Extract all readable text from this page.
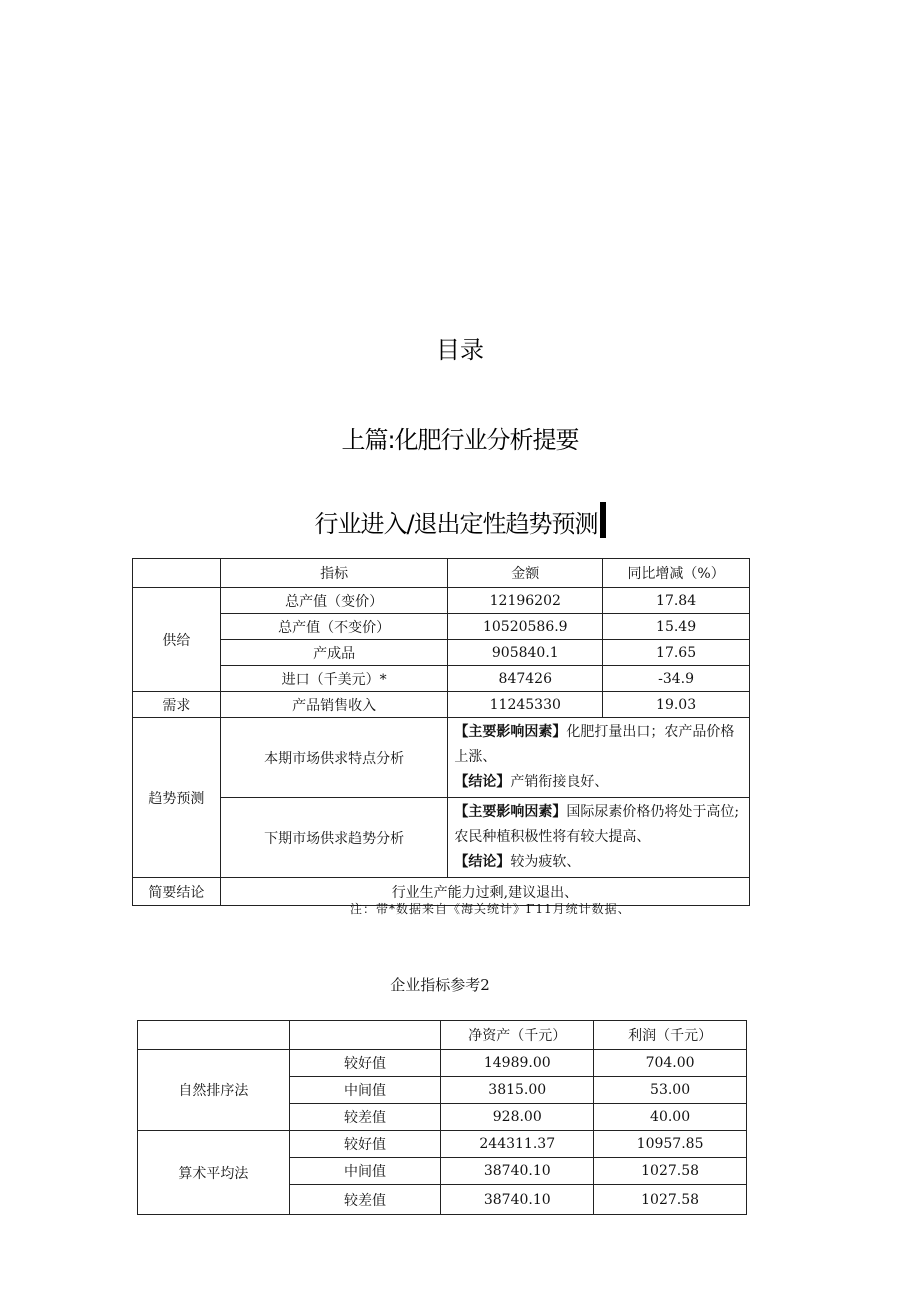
目录
上篇:化肥行业分析提要
行业进入/退出定性趋势预测
	指标	金额	同比增减（%）
供给	总产值（变价）	12196202	17.84
	总产值（不变价）	10520586.9	15.49
	产成品	905840.1	17.65
	进口（千美元）*	847426	-34.9
需求	产品销售收入	11245330	19.03
趋势预测	本期市场供求特点分析	【主要影响因素】化肥打量出口；农产品价格上涨、
【结论】产销衔接良好、	
	下期市场供求趋势分析	【主要影响因素】国际尿素价格仍将处于高位;农民种植积极性将有较大提高、
【结论】较为疲软、	
简要结论	行业生产能力过剩,建议退出、		
注：带*数据来自《海关统计》Γ11月统计数据、
企业指标参考2
		净资产（千元）	利润（千元）
自然排序法	较好值	14989.00	704.00
	中间值	3815.00	53.00
	较差值	928.00	40.00
算术平均法	较好值	244311.37	10957.85
	中间值	38740.10	1027.58
	较差值	38740.10	1027.58
